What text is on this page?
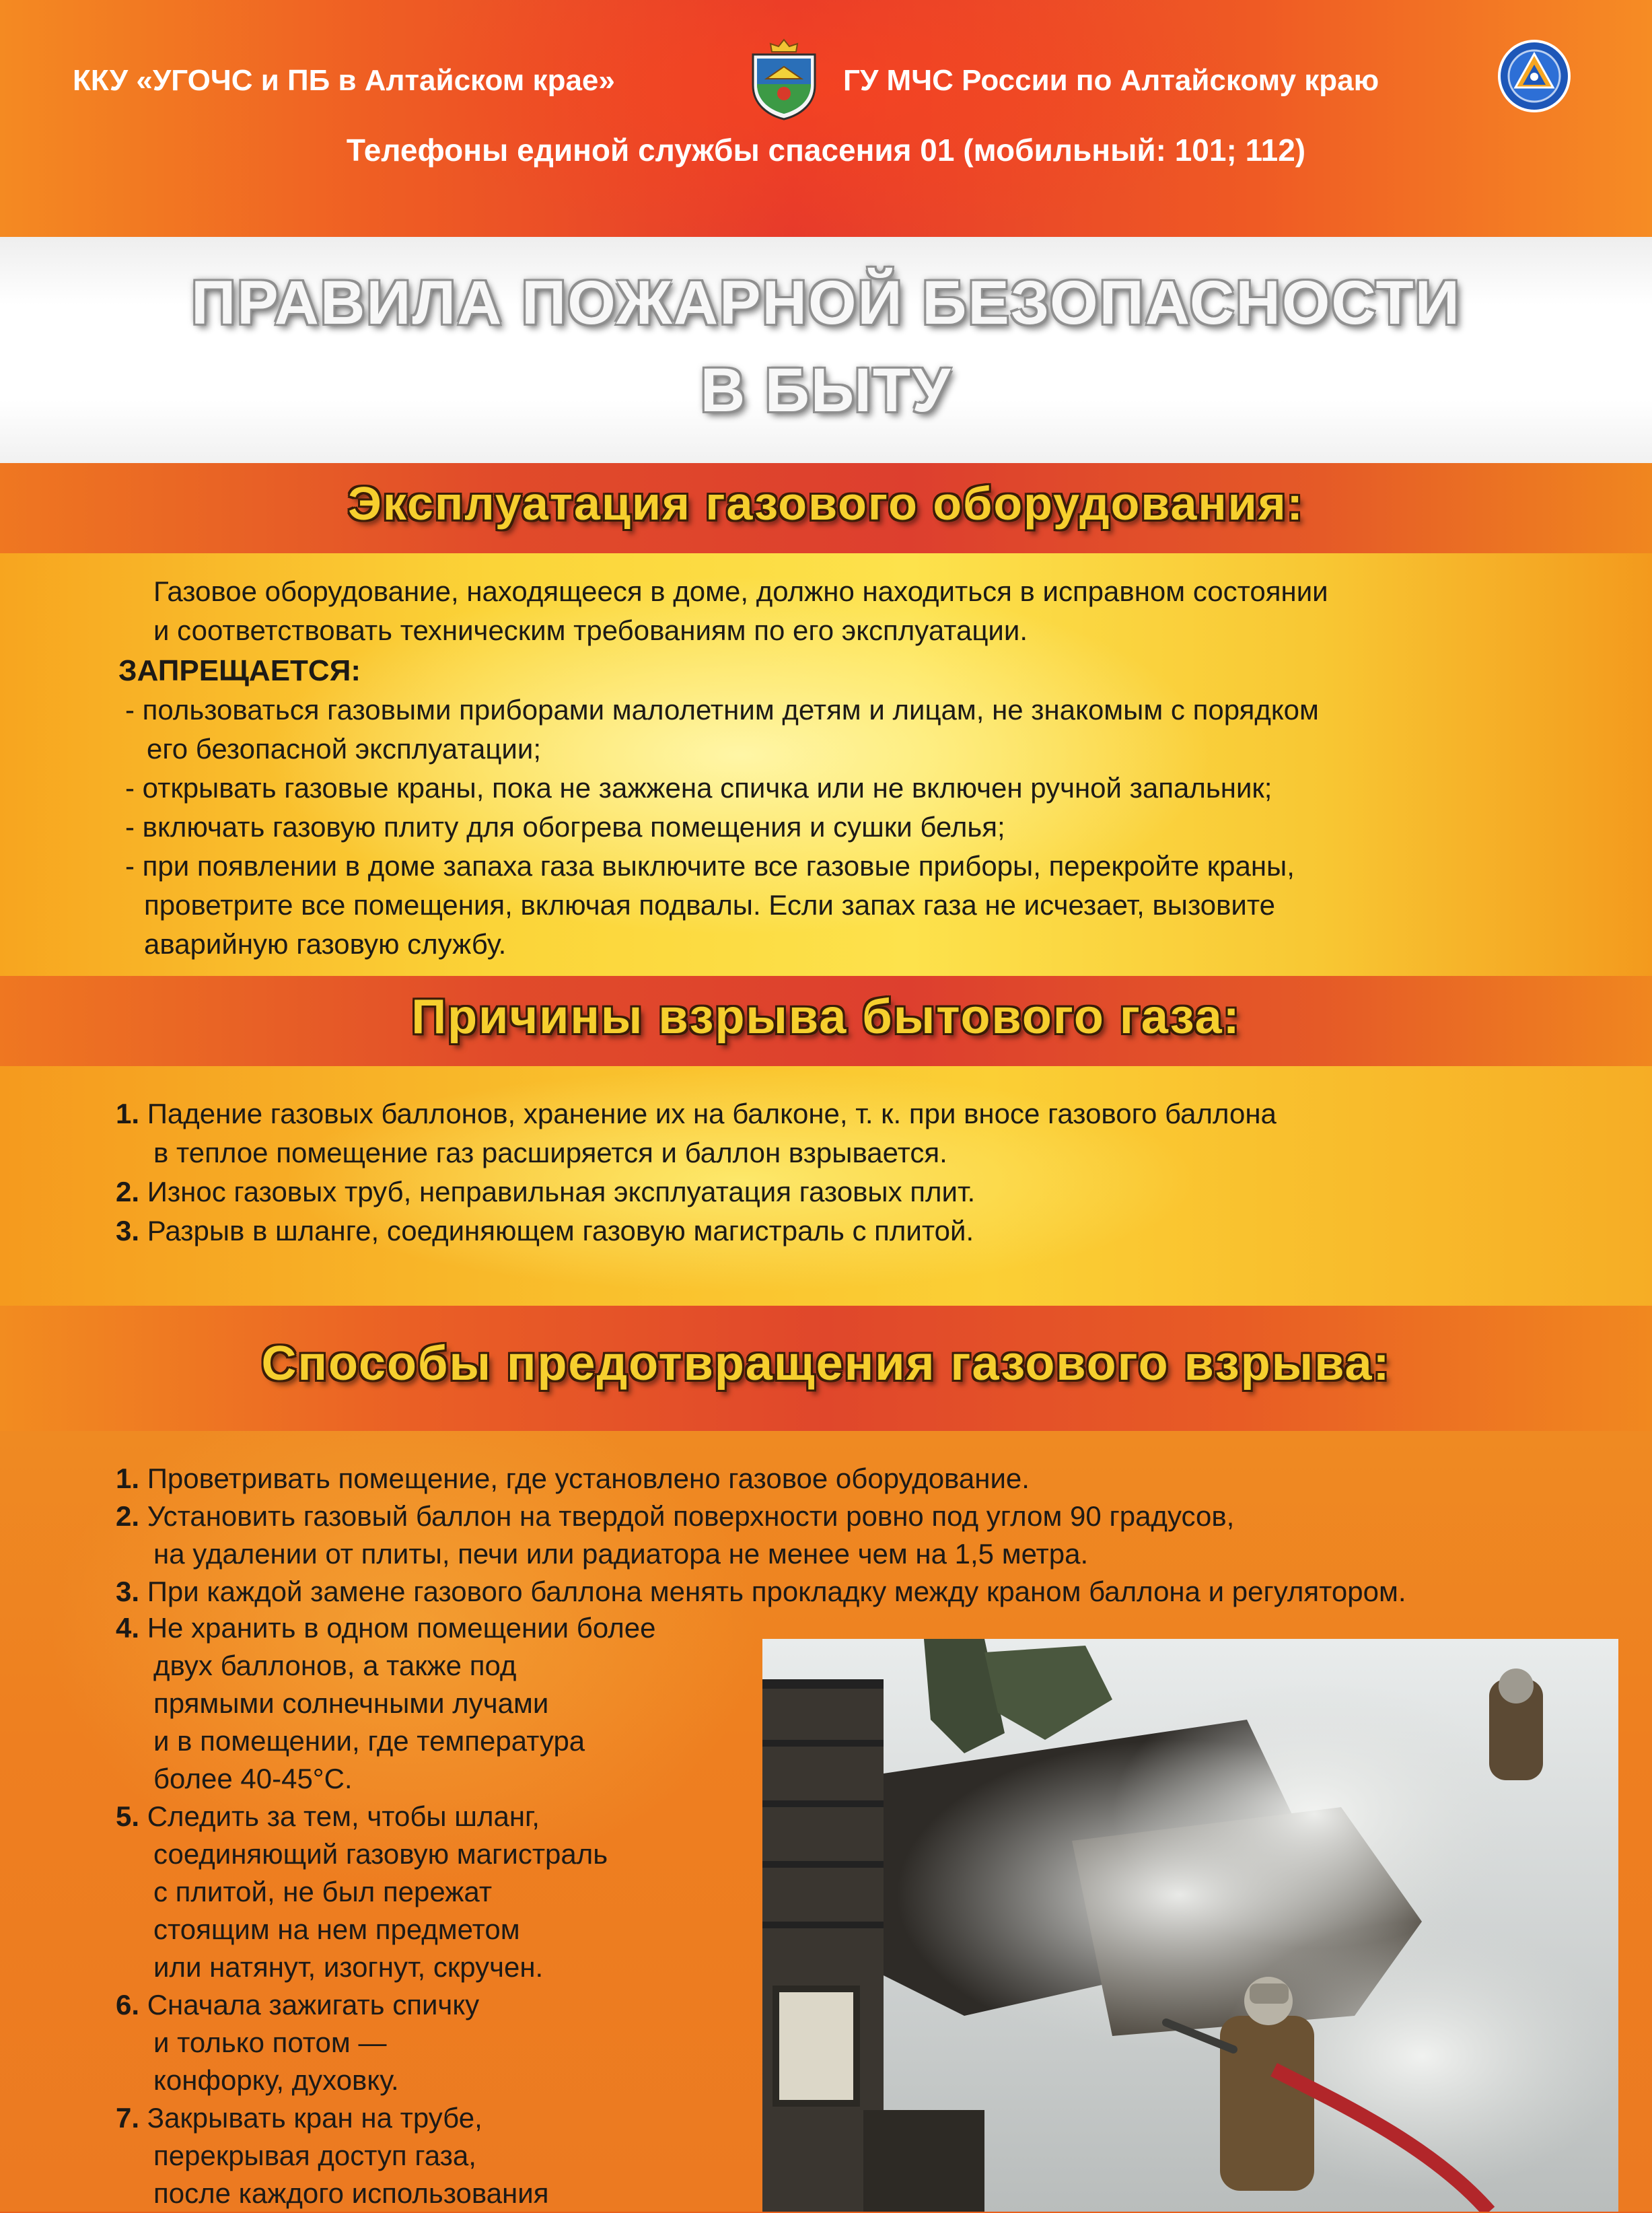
ККУ «УГОЧС и ПБ в Алтайском крае»	ГУ МЧС России по Алтайскому краю
Телефоны единой службы спасения 01 (мобильный: 101; 112)
ПРАВИЛА ПОЖАРНОЙ БЕЗОПАСНОСТИ
В БЫТУ
Эксплуатация газового оборудования:
Газовое оборудование, находящееся в доме, должно находиться в исправном состоянии
и соответствовать техническим требованиям по его эксплуатации.
ЗАПРЕЩАЕТСЯ:
- пользоваться газовыми приборами малолетним детям и лицам, не знакомым с порядком
его безопасной эксплуатации;
- открывать газовые краны, пока не зажжена спичка или не включен ручной запальник;
- включать газовую плиту для обогрева помещения и сушки белья;
- при появлении в доме запаха газа выключите все газовые приборы, перекройте краны,
проветрите все помещения, включая подвалы. Если запах газа не исчезает, вызовите
аварийную газовую службу.
Причины взрыва бытового газа:
1. Падение газовых баллонов, хранение их на балконе, т. к. при вносе газового баллона
в теплое помещение газ расширяется и баллон взрывается.
2. Износ газовых труб, неправильная эксплуатация газовых плит.
3. Разрыв в шланге, соединяющем газовую магистраль с плитой.
Способы предотвращения газового взрыва:
1. Проветривать помещение, где установлено газовое оборудование.
2. Установить газовый баллон на твердой поверхности ровно под углом 90 градусов,
на удалении от плиты, печи или радиатора не менее чем на 1,5 метра.
3. При каждой замене газового баллона менять прокладку между краном баллона и регулятором.
4. Не хранить в одном помещении более
двух баллонов, а также под
прямыми солнечными лучами
и в помещении, где температура
более 40-45°С.
5. Следить за тем, чтобы шланг,
соединяющий газовую магистраль
с плитой, не был пережат
стоящим на нем предметом
или натянут, изогнут, скручен.
6. Сначала зажигать спичку
и только потом —
конфорку, духовку.
7. Закрывать кран на трубе,
перекрывая доступ газа,
после каждого использования
